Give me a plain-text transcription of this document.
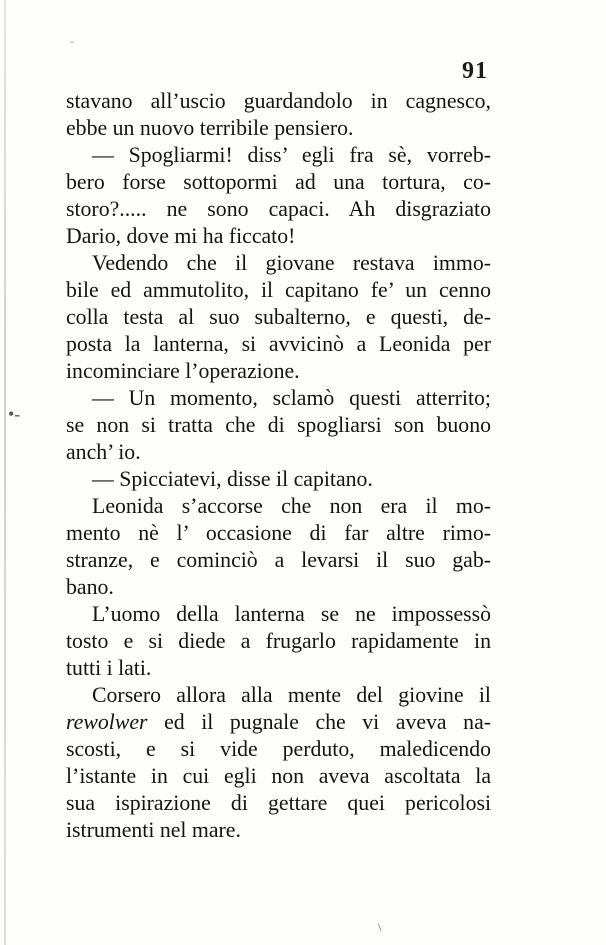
-
•-
\
91
stavano all’uscio guardandolo in cagnesco,
ebbe un nuovo terribile pensiero.
— Spogliarmi! diss’ egli fra sè, vorreb-
bero forse sottopormi ad una tortura, co-
storo?..... ne sono capaci. Ah disgraziato
Dario, dove mi ha ficcato!
Vedendo che il giovane restava immo-
bile ed ammutolito, il capitano fe’ un cenno
colla testa al suo subalterno, e questi, de-
posta la lanterna, si avvicinò a Leonida per
incominciare l’operazione.
— Un momento, sclamò questi atterrito;
se non si tratta che di spogliarsi son buono
anch’ io.
— Spicciatevi, disse il capitano.
Leonida s’accorse che non era il mo-
mento nè l’ occasione di far altre rimo-
stranze, e cominciò a levarsi il suo gab-
bano.
L’uomo della lanterna se ne impossessò
tosto e si diede a frugarlo rapidamente in
tutti i lati.
Corsero allora alla mente del giovine il
rewolwer ed il pugnale che vi aveva na-
scosti, e si vide perduto, maledicendo
l’istante in cui egli non aveva ascoltata la
sua ispirazione di gettare quei pericolosi
istrumenti nel mare.
